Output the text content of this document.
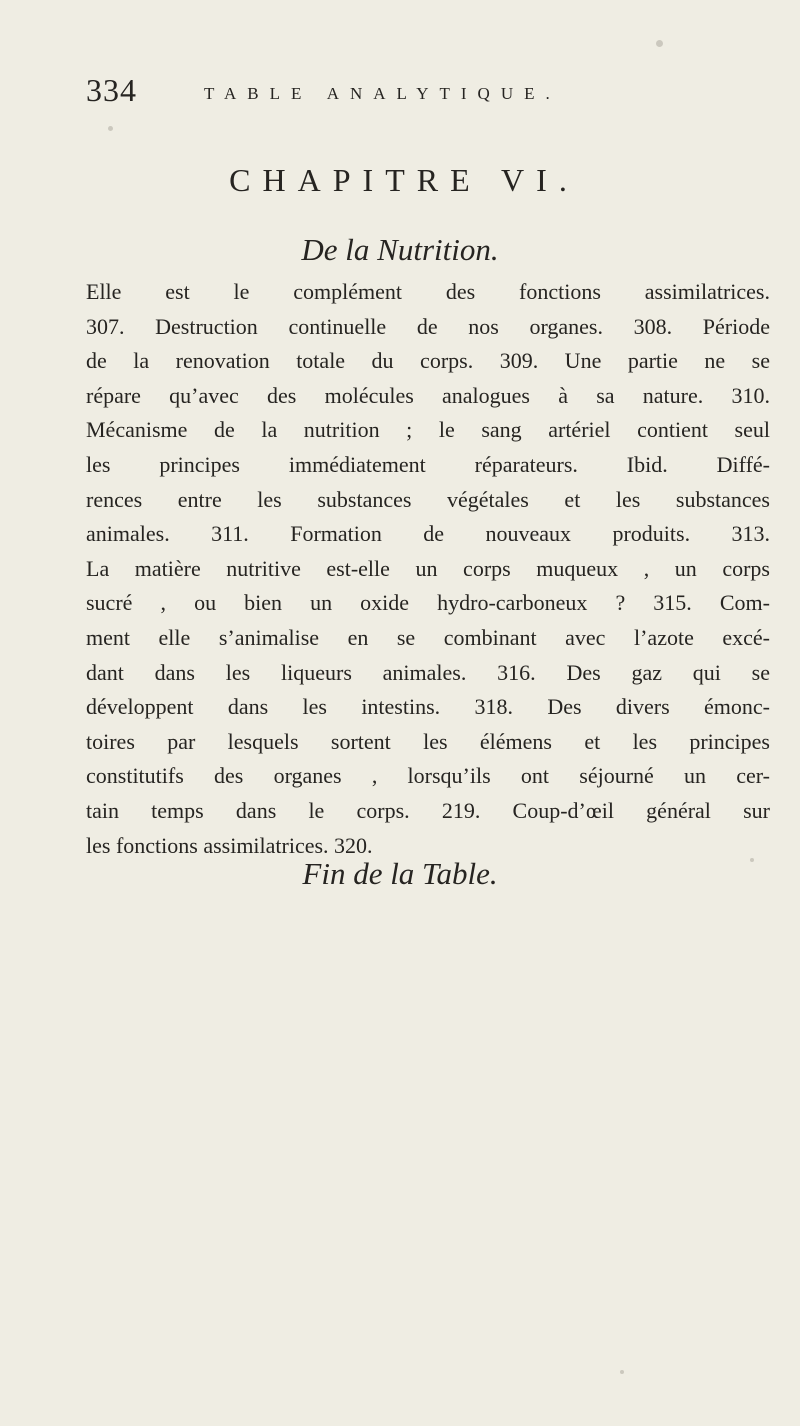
334	TABLE ANALYTIQUE.
CHAPITRE VI.
De la Nutrition.
Elle est le complément des fonctions assimilatrices.
307. Destruction continuelle de nos organes. 308. Période
de la renovation totale du corps. 309. Une partie ne se
répare qu’avec des molécules analogues à sa nature. 310.
Mécanisme de la nutrition ; le sang artériel contient seul
les principes immédiatement réparateurs. Ibid. Diffé-
rences entre les substances végétales et les substances
animales. 311. Formation de nouveaux produits. 313.
La matière nutritive est-elle un corps muqueux , un corps
sucré , ou bien un oxide hydro-carboneux ? 315. Com-
ment elle s’animalise en se combinant avec l’azote excé-
dant dans les liqueurs animales. 316. Des gaz qui se
développent dans les intestins. 318. Des divers émonc-
toires par lesquels sortent les élémens et les principes
constitutifs des organes , lorsqu’ils ont séjourné un cer-
tain temps dans le corps. 219. Coup-d’œil général sur
les fonctions assimilatrices. 320.
Fin de la Table.
